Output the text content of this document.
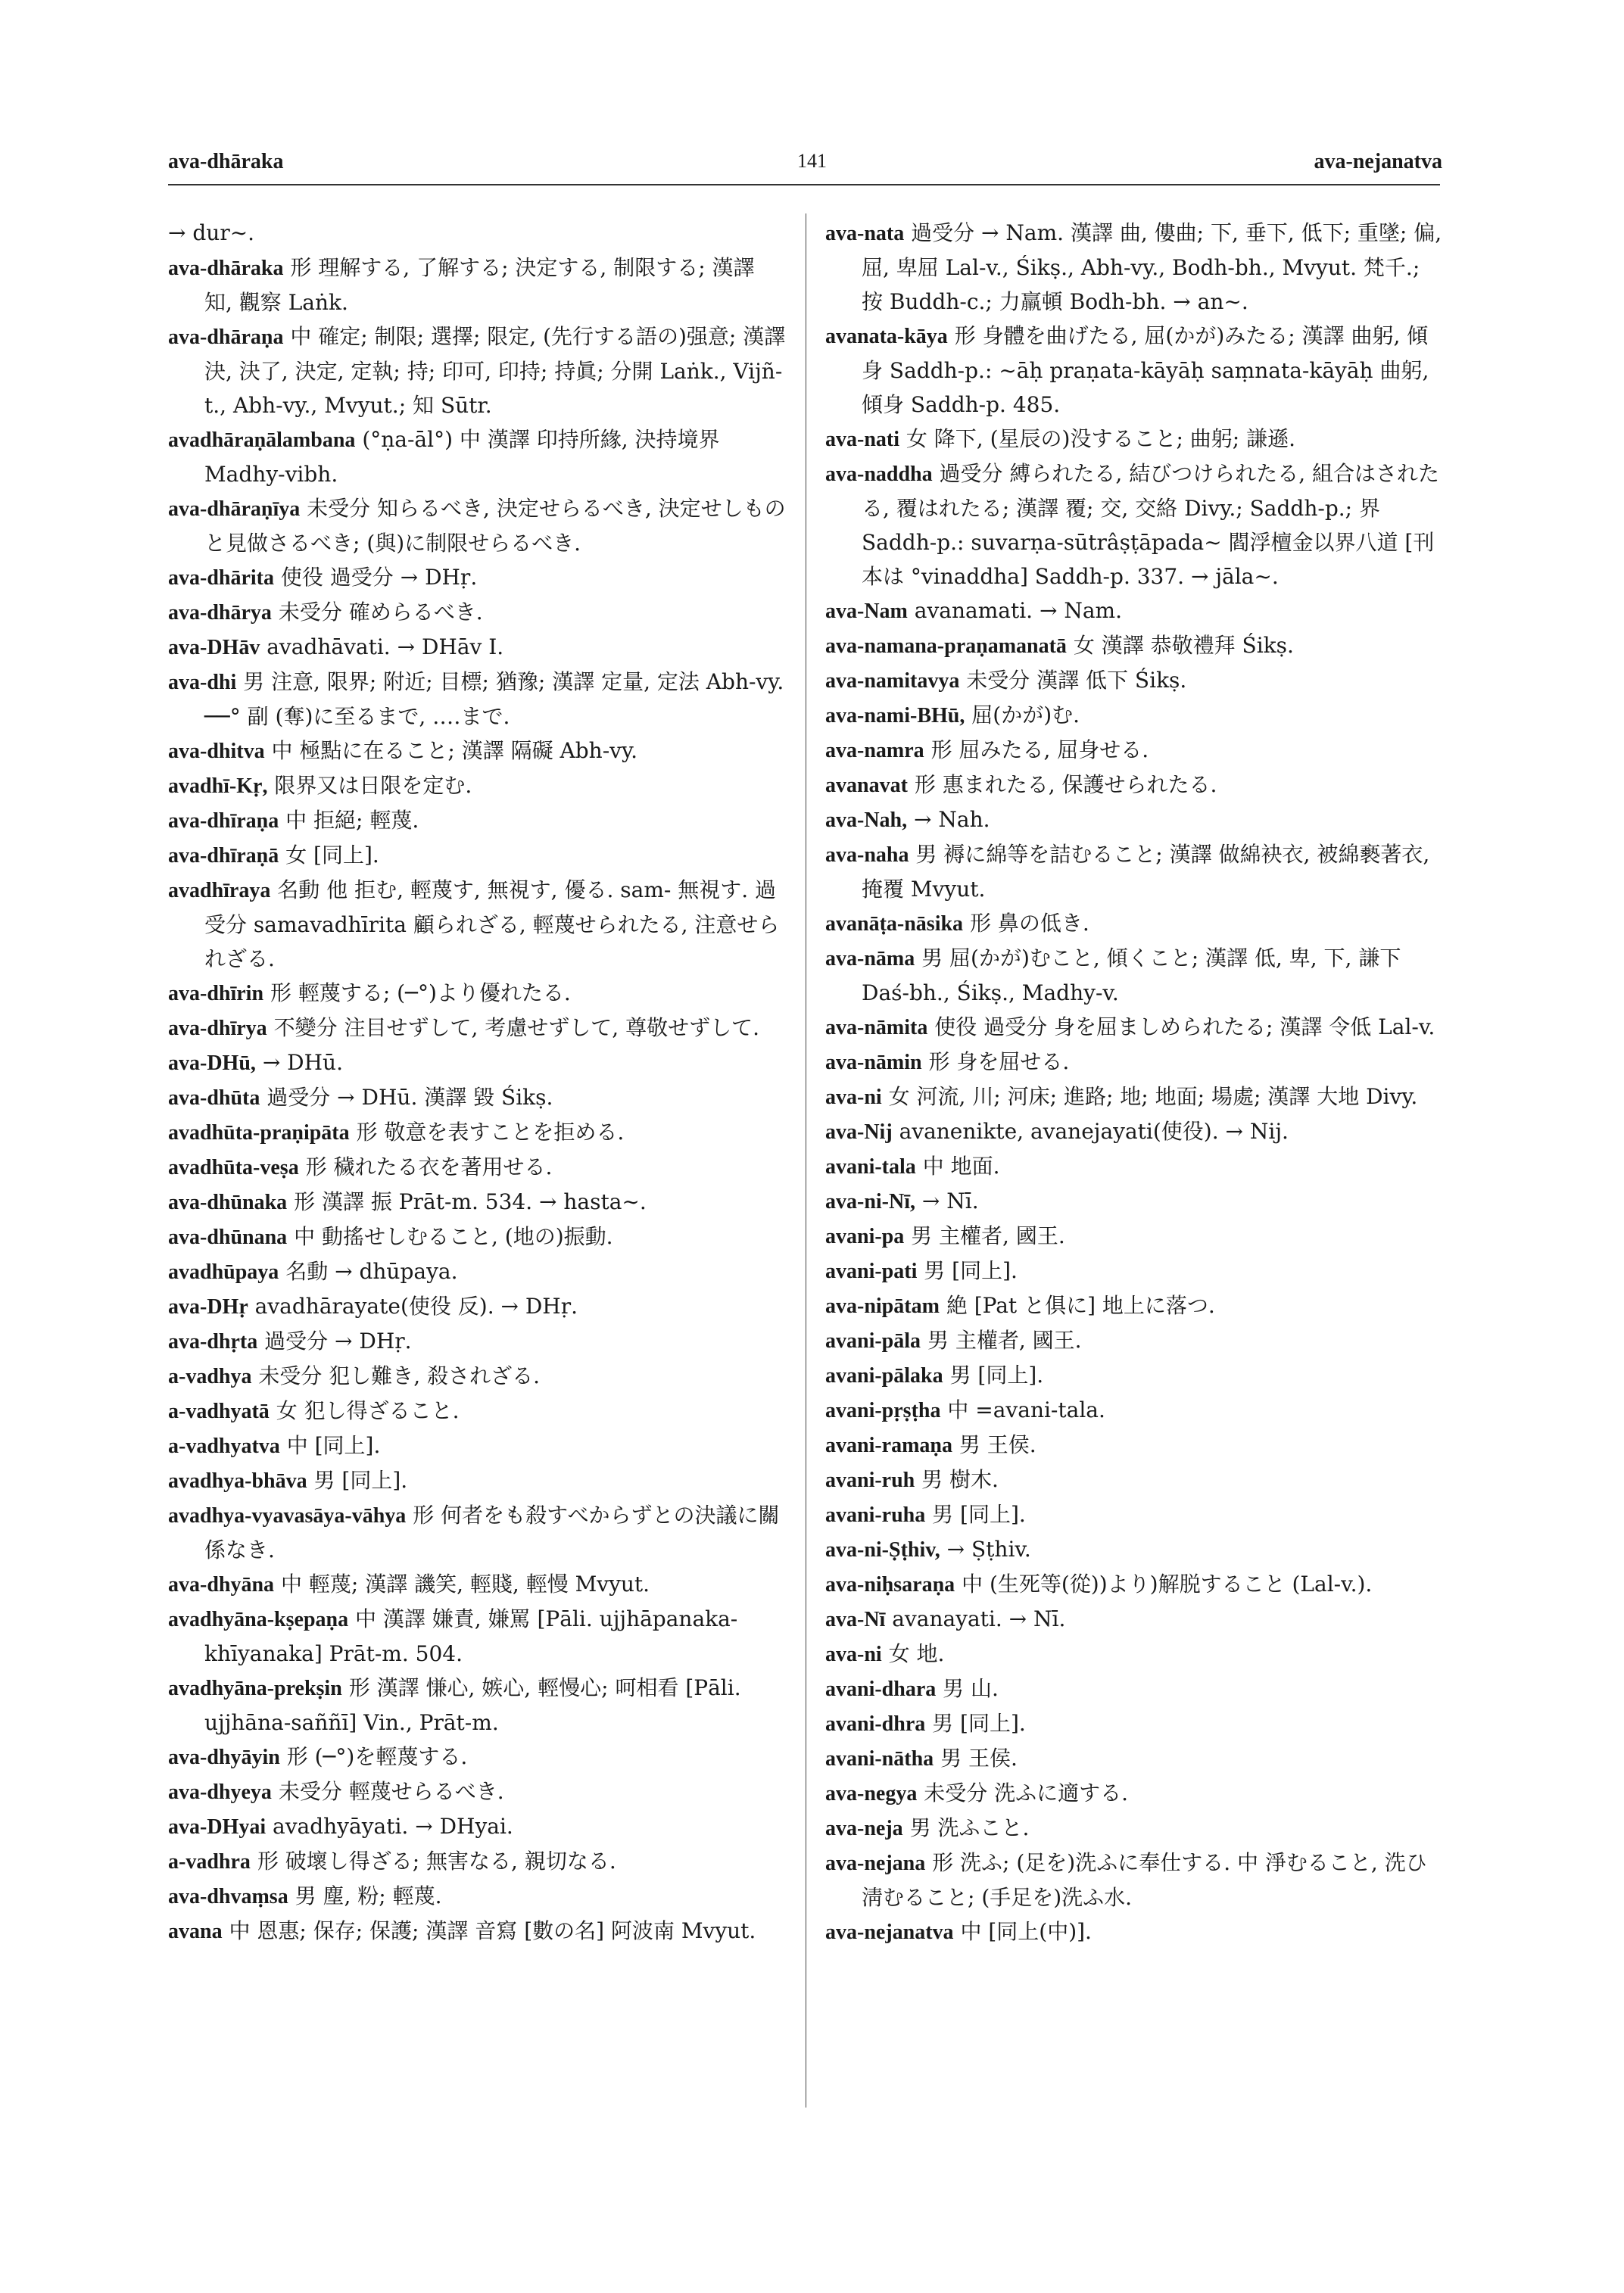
ava-dhāraka	141	ava-nejanatva

→ dur∼.

ava-dhāraka 形 理解する, 了解する; 決定する, 制限する; 漢譯 知, 觀察 Laṅk.

ava-dhāraṇa 中 確定; 制限; 選擇; 限定, (先行する語の)强意; 漢譯 決, 決了, 決定, 定執; 持; 印可, 印持; 持眞; 分開 Laṅk., Vijñ-t., Abh-vy., Mvyut.; 知 Sūtr.

avadhāraṇālambana (°ṇa-āl°) 中 漢譯 印持所緣, 決持境界 Madhy-vibh.

ava-dhāraṇīya 未受分 知らるべき, 決定せらるべき, 決定せしものと見做さるべき; (與)に制限せらるべき.

ava-dhārita 使役 過受分 → DHṛ.

ava-dhārya 未受分 確めらるべき.

ava-DHāv avadhāvati. → DHāv I.

ava-dhi 男 注意, 限界; 附近; 目標; 猶豫; 漢譯 定量, 定法 Abh-vy. ──° 副 (奪)に至るまで, ‥‥まで.

ava-dhitva 中 極點に在ること; 漢譯 隔礙 Abh-vy.

avadhī-Kṛ, 限界又は日限を定む.

ava-dhīraṇa 中 拒絕; 輕蔑.

ava-dhīraṇā 女 [同上].

avadhīraya 名動 他 拒む, 輕蔑す, 無視す, 優る. sam- 無視す. 過受分 samavadhīrita 顧られざる, 輕蔑せられたる, 注意せられざる.

ava-dhīrin 形 輕蔑する; (─°)より優れたる.

ava-dhīrya 不變分 注目せずして, 考慮せずして, 尊敬せずして.

ava-DHū, → DHū.

ava-dhūta 過受分 → DHū. 漢譯 毀 Śikṣ.

avadhūta-praṇipāta 形 敬意を表すことを拒める.

avadhūta-veṣa 形 穢れたる衣を著用せる.

ava-dhūnaka 形 漢譯 振 Prāt-m. 534. → hasta∼.

ava-dhūnana 中 動搖せしむること, (地の)振動.

avadhūpaya 名動 → dhūpaya.

ava-DHṛ avadhārayate(使役 反). → DHṛ.

ava-dhṛta 過受分 → DHṛ.

a-vadhya 未受分 犯し難き, 殺されざる.

a-vadhyatā 女 犯し得ざること.

a-vadhyatva 中 [同上].

avadhya-bhāva 男 [同上].

avadhya-vyavasāya-vāhya 形 何者をも殺すべからずとの決議に關係なき.

ava-dhyāna 中 輕蔑; 漢譯 譏笑, 輕賤, 輕慢 Mvyut.

avadhyāna-kṣepaṇa 中 漢譯 嫌責, 嫌罵 [Pāli. ujjhāpanaka-khīyanaka] Prāt-m. 504.

avadhyāna-prekṣin 形 漢譯 慊心, 嫉心, 輕慢心; 呵相看 [Pāli. ujjhāna-saññī] Vin., Prāt-m.

ava-dhyāyin 形 (─°)を輕蔑する.

ava-dhyeya 未受分 輕蔑せらるべき.

ava-DHyai avadhyāyati. → DHyai.

a-vadhra 形 破壞し得ざる; 無害なる, 親切なる.

ava-dhvaṃsa 男 塵, 粉; 輕蔑.

avana 中 恩惠; 保存; 保護; 漢譯 音寫 [數の名] 阿波南 Mvyut.

ava-nata 過受分 → Nam. 漢譯 曲, 僂曲; 下, 垂下, 低下; 重墜; 偏, 屈, 卑屈 Lal-v., Śikṣ., Abh-vy., Bodh-bh., Mvyut. 梵千.; 按 Buddh-c.; 力羸頓 Bodh-bh. → an∼.

avanata-kāya 形 身體を曲げたる, 屈(かが)みたる; 漢譯 曲躬, 傾身 Saddh-p.: ∼āḥ praṇata-kāyāḥ saṃnata-kāyāḥ 曲躬, 傾身 Saddh-p. 485.

ava-nati 女 降下, (星辰の)没すること; 曲躬; 謙遜.

ava-naddha 過受分 縛られたる, 結びつけられたる, 組合はされたる, 覆はれたる; 漢譯 覆; 交, 交絡 Divy.; Saddh-p.; 界 Saddh-p.: suvarṇa-sūtrâṣṭāpada∼ 閻浮檀金以界八道 [刊本は °vinaddha] Saddh-p. 337. → jāla∼.

ava-Nam avanamati. → Nam.

ava-namana-praṇamanatā 女 漢譯 恭敬禮拜 Śikṣ.

ava-namitavya 未受分 漢譯 低下 Śikṣ.

ava-nami-BHū, 屈(かが)む.

ava-namra 形 屈みたる, 屈身せる.

avanavat 形 惠まれたる, 保護せられたる.

ava-Nah, → Nah.

ava-naha 男 褥に綿等を詰むること; 漢譯 做綿袂衣, 被綿褻著衣, 掩覆 Mvyut.

avanāṭa-nāsika 形 鼻の低き.

ava-nāma 男 屈(かが)むこと, 傾くこと; 漢譯 低, 卑, 下, 謙下 Daś-bh., Śikṣ., Madhy-v.

ava-nāmita 使役 過受分 身を屈ましめられたる; 漢譯 令低 Lal-v.

ava-nāmin 形 身を屈せる.

ava-ni 女 河流, 川; 河床; 進路; 地; 地面; 場處; 漢譯 大地 Divy.

ava-Nij avanenikte, avanejayati(使役). → Nij.

avani-tala 中 地面.

ava-ni-Nī, → Nī.

avani-pa 男 主權者, 國王.

avani-pati 男 [同上].

ava-nipātam 絶 [Pat と俱に] 地上に落つ.

avani-pāla 男 主權者, 國王.

avani-pālaka 男 [同上].

avani-pṛṣṭha 中 =avani-tala.

avani-ramaṇa 男 王侯.

avani-ruh 男 樹木.

avani-ruha 男 [同上].

ava-ni-Ṣṭhiv, → Ṣṭhiv.

ava-niḥsaraṇa 中 (生死等(從))より)解脱すること (Lal-v.).

ava-Nī avanayati. → Nī.

ava-ni 女 地.

avani-dhara 男 山.

avani-dhra 男 [同上].

avani-nātha 男 王侯.

ava-negya 未受分 洗ふに適する.

ava-neja 男 洗ふこと.

ava-nejana 形 洗ふ; (足を)洗ふに奉仕する. 中 淨むること, 洗ひ淸むること; (手足を)洗ふ水.

ava-nejanatva 中 [同上(中)].
